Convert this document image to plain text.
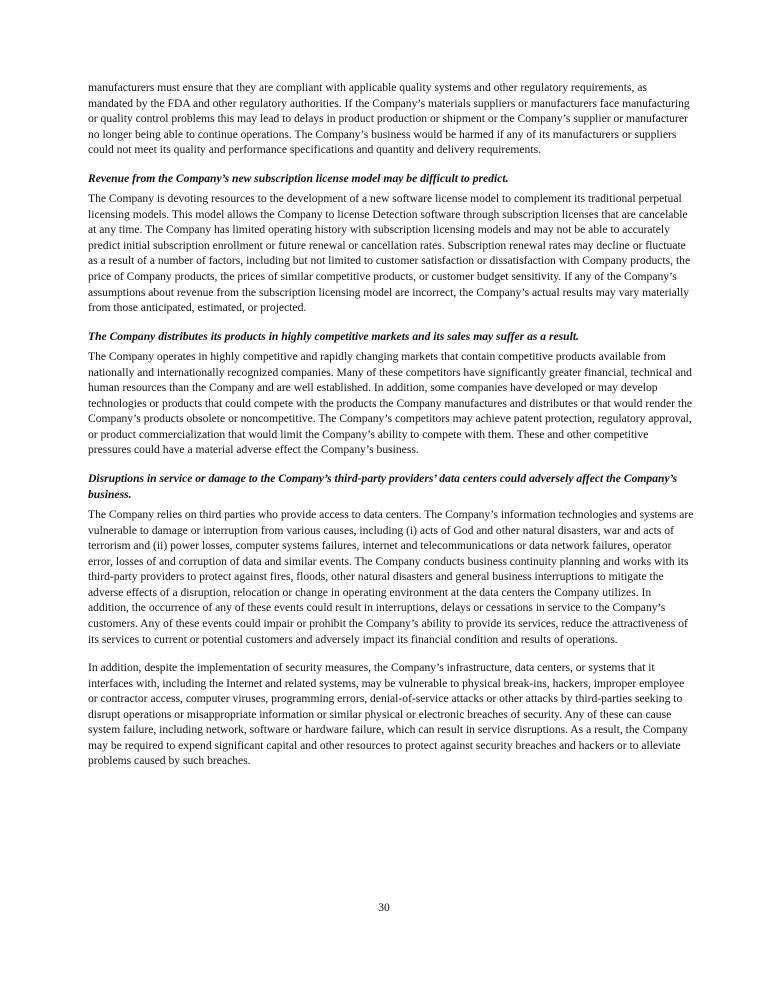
manufacturers must ensure that they are compliant with applicable quality systems and other regulatory requirements, as mandated by the FDA and other regulatory authorities. If the Company’s materials suppliers or manufacturers face manufacturing or quality control problems this may lead to delays in product production or shipment or the Company’s supplier or manufacturer no longer being able to continue operations. The Company’s business would be harmed if any of its manufacturers or suppliers could not meet its quality and performance specifications and quantity and delivery requirements.

Revenue from the Company’s new subscription license model may be difficult to predict.

The Company is devoting resources to the development of a new software license model to complement its traditional perpetual licensing models. This model allows the Company to license Detection software through subscription licenses that are cancelable at any time. The Company has limited operating history with subscription licensing models and may not be able to accurately predict initial subscription enrollment or future renewal or cancellation rates. Subscription renewal rates may decline or fluctuate as a result of a number of factors, including but not limited to customer satisfaction or dissatisfaction with Company products, the price of Company products, the prices of similar competitive products, or customer budget sensitivity. If any of the Company’s assumptions about revenue from the subscription licensing model are incorrect, the Company’s actual results may vary materially from those anticipated, estimated, or projected.

The Company distributes its products in highly competitive markets and its sales may suffer as a result.

The Company operates in highly competitive and rapidly changing markets that contain competitive products available from nationally and internationally recognized companies. Many of these competitors have significantly greater financial, technical and human resources than the Company and are well established. In addition, some companies have developed or may develop technologies or products that could compete with the products the Company manufactures and distributes or that would render the Company’s products obsolete or noncompetitive. The Company’s competitors may achieve patent protection, regulatory approval, or product commercialization that would limit the Company’s ability to compete with them. These and other competitive pressures could have a material adverse effect the Company’s business.

Disruptions in service or damage to the Company’s third-party providers’ data centers could adversely affect the Company’s business.

The Company relies on third parties who provide access to data centers. The Company’s information technologies and systems are vulnerable to damage or interruption from various causes, including (i) acts of God and other natural disasters, war and acts of terrorism and (ii) power losses, computer systems failures, internet and telecommunications or data network failures, operator error, losses of and corruption of data and similar events. The Company conducts business continuity planning and works with its third-party providers to protect against fires, floods, other natural disasters and general business interruptions to mitigate the adverse effects of a disruption, relocation or change in operating environment at the data centers the Company utilizes. In addition, the occurrence of any of these events could result in interruptions, delays or cessations in service to the Company’s customers. Any of these events could impair or prohibit the Company’s ability to provide its services, reduce the attractiveness of its services to current or potential customers and adversely impact its financial condition and results of operations.

In addition, despite the implementation of security measures, the Company’s infrastructure, data centers, or systems that it interfaces with, including the Internet and related systems, may be vulnerable to physical break-ins, hackers, improper employee or contractor access, computer viruses, programming errors, denial-of-service attacks or other attacks by third-parties seeking to disrupt operations or misappropriate information or similar physical or electronic breaches of security. Any of these can cause system failure, including network, software or hardware failure, which can result in service disruptions. As a result, the Company may be required to expend significant capital and other resources to protect against security breaches and hackers or to alleviate problems caused by such breaches.

30
